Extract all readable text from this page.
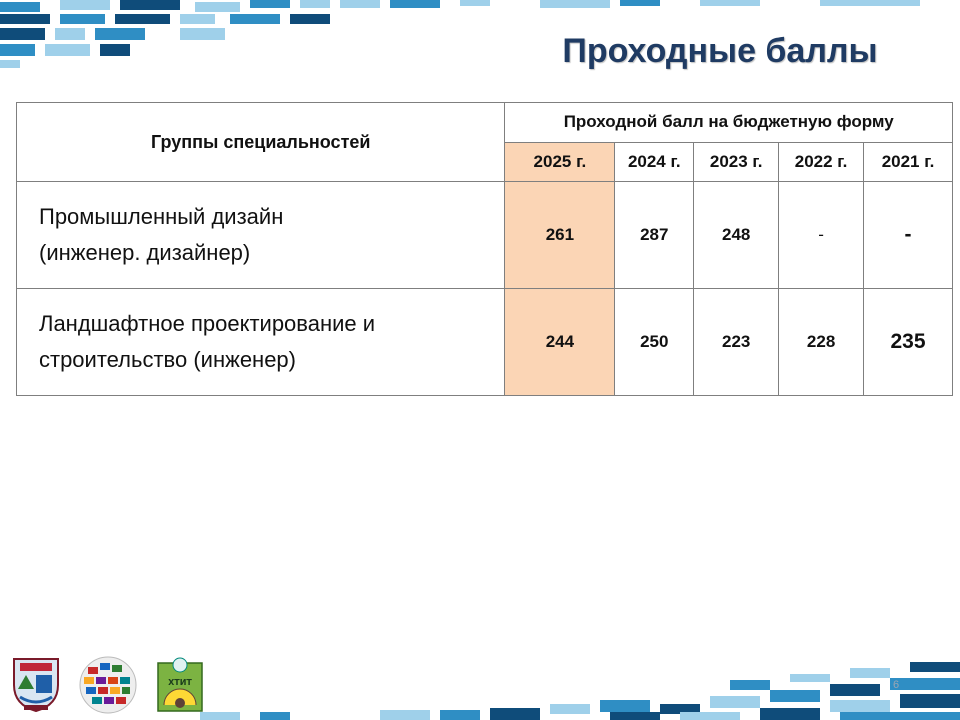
Проходные баллы
Группы специальностей	Проходной балл на бюджетную форму				
	2025 г.	2024 г.	2023 г.	2022 г.	2021 г.

Промышленный дизайн
(инженер. дизайнер)	261	287	248	-	-

Ландшафтное проектирование и
строительство (инженер)	244	250	223	228	235
ХТИТ	6
